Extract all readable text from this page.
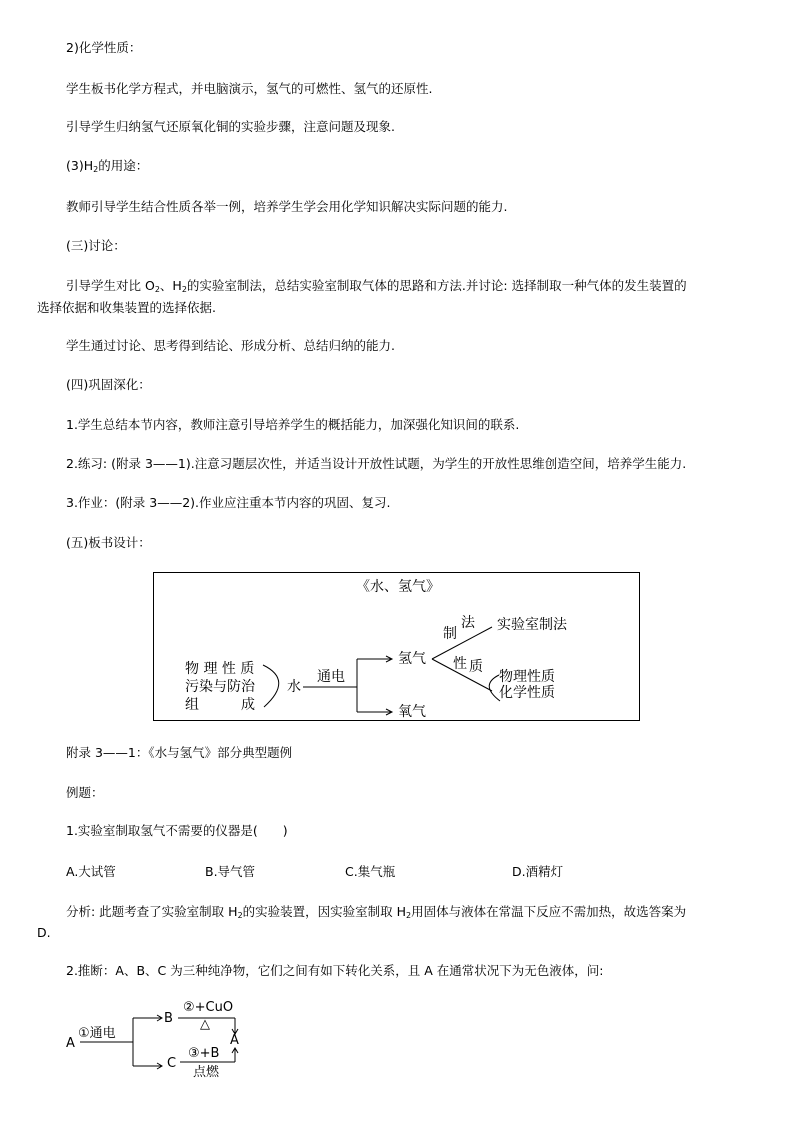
2)化学性质：
学生板书化学方程式，并电脑演示，氢气的可燃性、氢气的还原性.
引导学生归纳氢气还原氧化铜的实验步骤，注意问题及现象.
$(3)H_2$的用途：
教师引导学生结合性质各举一例，培养学生学会用化学知识解决实际问题的能力.
(三)讨论：
引导学生对比 $O_2$、$H_2$的实验室制法，总结实验室制取气体的思路和方法.并讨论: 选择制取一种气体的发生装置的
选择依据和收集装置的选择依据.
学生通过讨论、思考得到结论、形成分析、总结归纳的能力.
(四)巩固深化：
1.学生总结本节内容，教师注意引导培养学生的概括能力，加深强化知识间的联系.
2.练习: (附录 3——1).注意习题层次性，并适当设计开放性试题，为学生的开放性思维创造空间，培养学生能力.
3.作业：(附录 3——2).作业应注重本节内容的巩固、复习.
(五)板书设计：
《水、氢气》
物 理 性 质
污染与防治
组　　　成
水
通电
氢气
氧气
制
法 实验室制法
性 质
物理性质
化学性质
附录 3——1：《水与氢气》部分典型题例
例题：
1.实验室制取氢气不需要的仪器是(　　)
A.大试管	B.导气管	C.集气瓶	D.酒精灯
分析: 此题考查了实验室制取 $H_2$的实验装置，因实验室制取 $H_2$用固体与液体在常温下反应不需加热，故选答案为
D.
2.推断：A、B、C 为三种纯净物，它们之间有如下转化关系，且 A 在通常状况下为无色液体，问:
A
①通电
B
②+CuO
△
A
C
③+B
点燃
